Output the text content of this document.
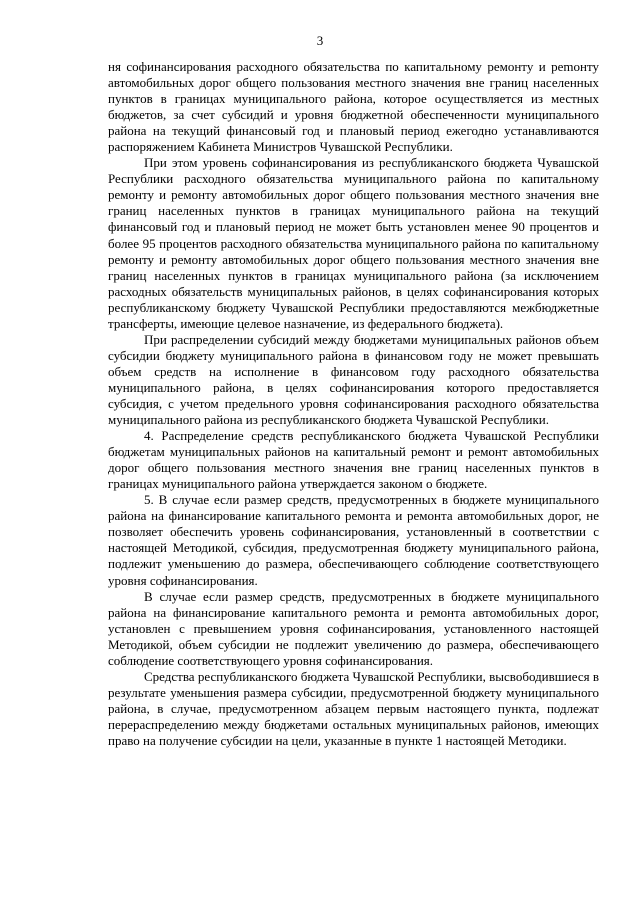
3

ня софинансирования расходного обязательства по капитальному ремонту и реmонту автомобильных дорог общего пользования местного значения вне границ населенных пунктов в границах муниципального района, которое осуществляется из местных бюджетов, за счет субсидий и уровня бюджетной обеспеченности муниципального района на текущий финансовый год и плановый период ежегодно устанавливаются распоряжением Кабинета Министров Чувашской Республики.

При этом уровень софинансирования из республиканского бюджета Чувашской Республики расходного обязательства муниципального района по капитальному ремонту и ремонту автомобильных дорог общего пользования местного значения вне границ населенных пунктов в границах муниципального района на текущий финансовый год и плановый период не может быть установлен менее 90 процентов и более 95 процентов расходного обязательства муниципального района по капитальному ремонту и ремонту автомобильных дорог общего пользования местного значения вне границ населенных пунктов в границах муниципального района (за исключением расходных обязательств муниципальных районов, в целях софинансирования которых республиканскому бюджету Чувашской Республики предоставляются межбюджетные трансферты, имеющие целевое назначение, из федерального бюджета).

При распределении субсидий между бюджетами муниципальных районов объем субсидии бюджету муниципального района в финансовом году не может превышать объем средств на исполнение в финансовом году расходного обязательства муниципального района, в целях софинансирования которого предоставляется субсидия, с учетом предельного уровня софинансирования расходного обязательства муниципального района из республиканского бюджета Чувашской Республики.

4. Распределение средств республиканского бюджета Чувашской Республики бюджетам муниципальных районов на капитальный ремонт и ремонт автомобильных дорог общего пользования местного значения вне границ населенных пунктов в границах муниципального района утверждается законом о бюджете.

5. В случае если размер средств, предусмотренных в бюджете муниципального района на финансирование капитального ремонта и ремонта автомобильных дорог, не позволяет обеспечить уровень софинансирования, установленный в соответствии с настоящей Методикой, субсидия, предусмотренная бюджету муниципального района, подлежит уменьшению до размера, обеспечивающего соблюдение соответствующего уровня софинансирования.

В случае если размер средств, предусмотренных в бюджете муниципального района на финансирование капитального ремонта и ремонта автомобильных дорог, установлен с превышением уровня софинансирования, установленного настоящей Методикой, объем субсидии не подлежит увеличению до размера, обеспечивающего соблюдение соответствующего уровня софинансирования.

Средства республиканского бюджета Чувашской Республики, высвободившиеся в результате уменьшения размера субсидии, предусмотренной бюджету муниципального района, в случае, предусмотренном абзацем первым настоящего пункта, подлежат перераспределению между бюджетами остальных муниципальных районов, имеющих право на получение субсидии на цели, указанные в пункте 1 настоящей Методики.
